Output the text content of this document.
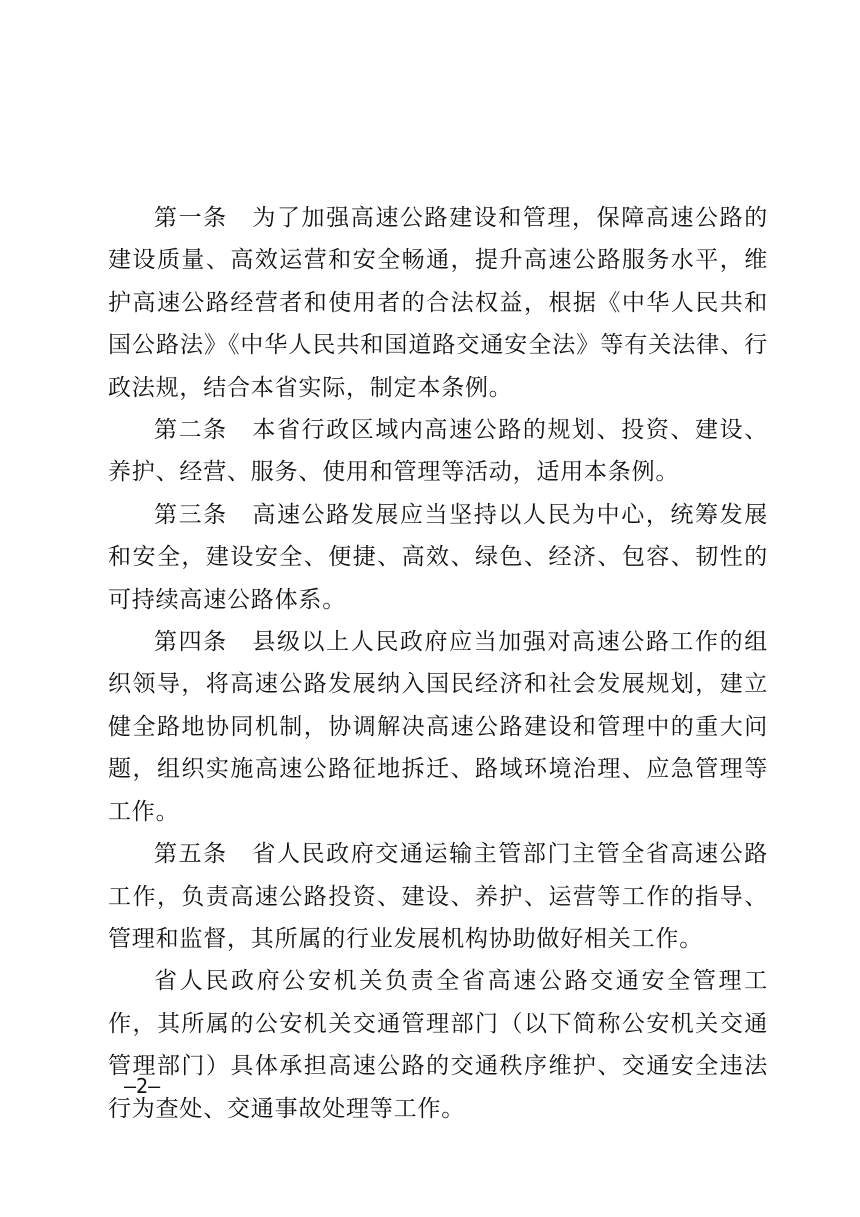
第一条　为了加强高速公路建设和管理，保障高速公路的建设质量、高效运营和安全畅通，提升高速公路服务水平，维护高速公路经营者和使用者的合法权益，根据《中华人民共和国公路法》《中华人民共和国道路交通安全法》等有关法律、行政法规，结合本省实际，制定本条例。

第二条　本省行政区域内高速公路的规划、投资、建设、养护、经营、服务、使用和管理等活动，适用本条例。

第三条　高速公路发展应当坚持以人民为中心，统筹发展和安全，建设安全、便捷、高效、绿色、经济、包容、韧性的可持续高速公路体系。

第四条　县级以上人民政府应当加强对高速公路工作的组织领导，将高速公路发展纳入国民经济和社会发展规划，建立健全路地协同机制，协调解决高速公路建设和管理中的重大问题，组织实施高速公路征地拆迁、路域环境治理、应急管理等工作。

第五条　省人民政府交通运输主管部门主管全省高速公路工作，负责高速公路投资、建设、养护、运营等工作的指导、管理和监督，其所属的行业发展机构协助做好相关工作。

省人民政府公安机关负责全省高速公路交通安全管理工作，其所属的公安机关交通管理部门（以下简称公安机关交通管理部门）具体承担高速公路的交通秩序维护、交通安全违法行为查处、交通事故处理等工作。

—2—
